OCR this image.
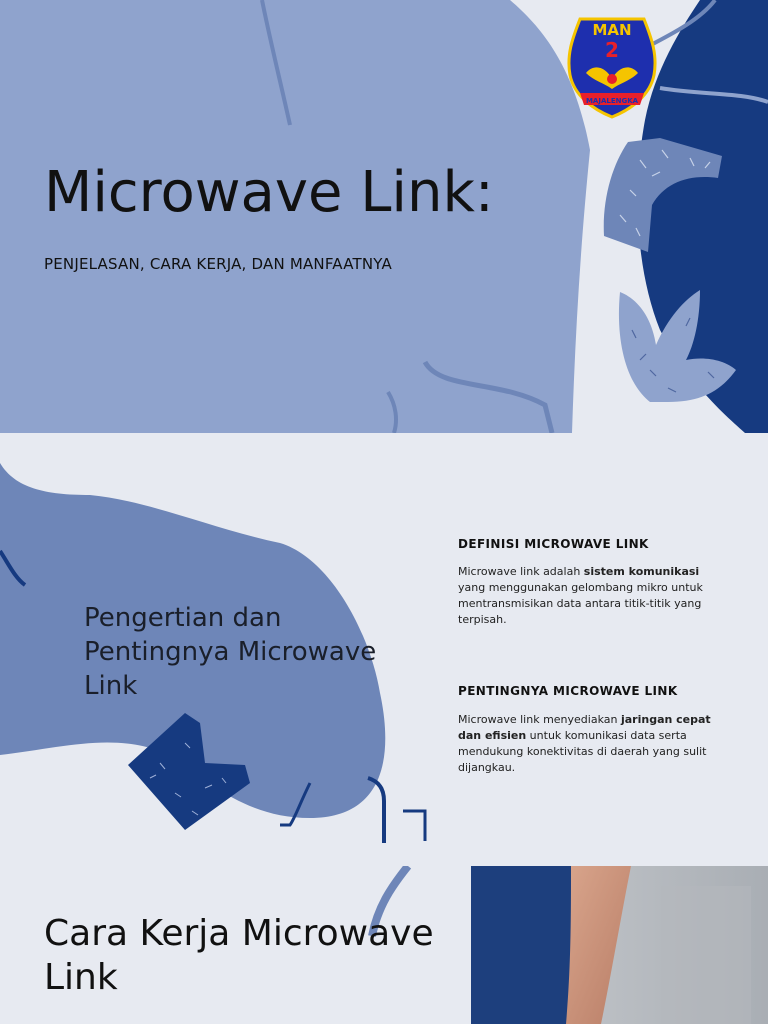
MAN
2
MAJALENGKA
Microwave Link:
PENJELASAN, CARA KERJA, DAN MANFAATNYA
Pengertian dan Pentingnya Microwave Link
DEFINISI MICROWAVE LINK
Microwave link adalah sistem komunikasi yang menggunakan gelombang mikro untuk mentransmisikan data antara titik-titik yang terpisah.
PENTINGNYA MICROWAVE LINK
Microwave link menyediakan jaringan cepat dan efisien untuk komunikasi data serta mendukung konektivitas di daerah yang sulit dijangkau.
Cara Kerja Microwave Link
